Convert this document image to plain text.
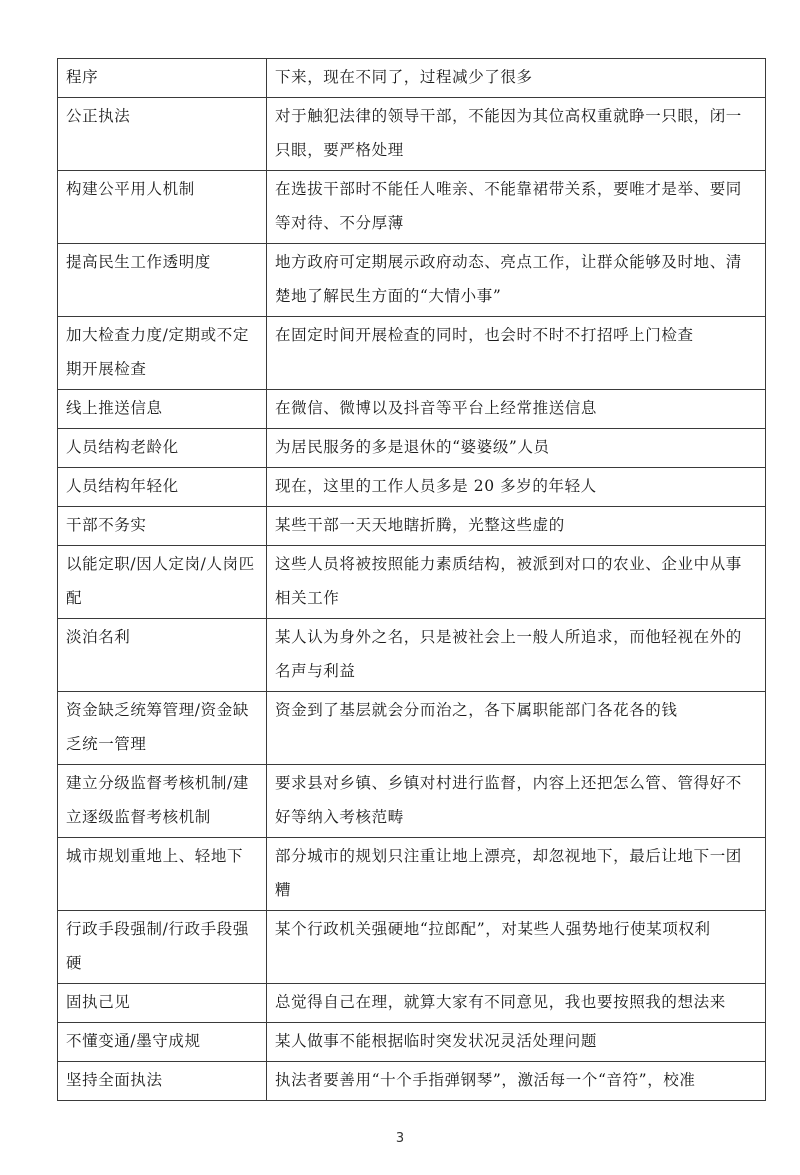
程序	下来，现在不同了，过程减少了很多
公正执法	对于触犯法律的领导干部，不能因为其位高权重就睁一只眼，闭一只眼，要严格处理
构建公平用人机制	在选拔干部时不能任人唯亲、不能靠裙带关系，要唯才是举、要同等对待、不分厚薄
提高民生工作透明度	地方政府可定期展示政府动态、亮点工作，让群众能够及时地、清楚地了解民生方面的“大情小事”
加大检查力度/定期或不定期开展检查	在固定时间开展检查的同时，也会时不时不打招呼上门检查
线上推送信息	在微信、微博以及抖音等平台上经常推送信息
人员结构老龄化	为居民服务的多是退休的“婆婆级”人员
人员结构年轻化	现在，这里的工作人员多是 20 多岁的年轻人
干部不务实	某些干部一天天地瞎折腾，光整这些虚的
以能定职/因人定岗/人岗匹配	这些人员将被按照能力素质结构，被派到对口的农业、企业中从事相关工作
淡泊名利	某人认为身外之名，只是被社会上一般人所追求，而他轻视在外的名声与利益
资金缺乏统筹管理/资金缺乏统一管理	资金到了基层就会分而治之，各下属职能部门各花各的钱
建立分级监督考核机制/建立逐级监督考核机制	要求县对乡镇、乡镇对村进行监督，内容上还把怎么管、管得好不好等纳入考核范畴
城市规划重地上、轻地下	部分城市的规划只注重让地上漂亮，却忽视地下，最后让地下一团糟
行政手段强制/行政手段强硬	某个行政机关强硬地“拉郎配”，对某些人强势地行使某项权利
固执己见	总觉得自己在理，就算大家有不同意见，我也要按照我的想法来
不懂变通/墨守成规	某人做事不能根据临时突发状况灵活处理问题
坚持全面执法	执法者要善用“十个手指弹钢琴”，激活每一个“音符”，校准
3
